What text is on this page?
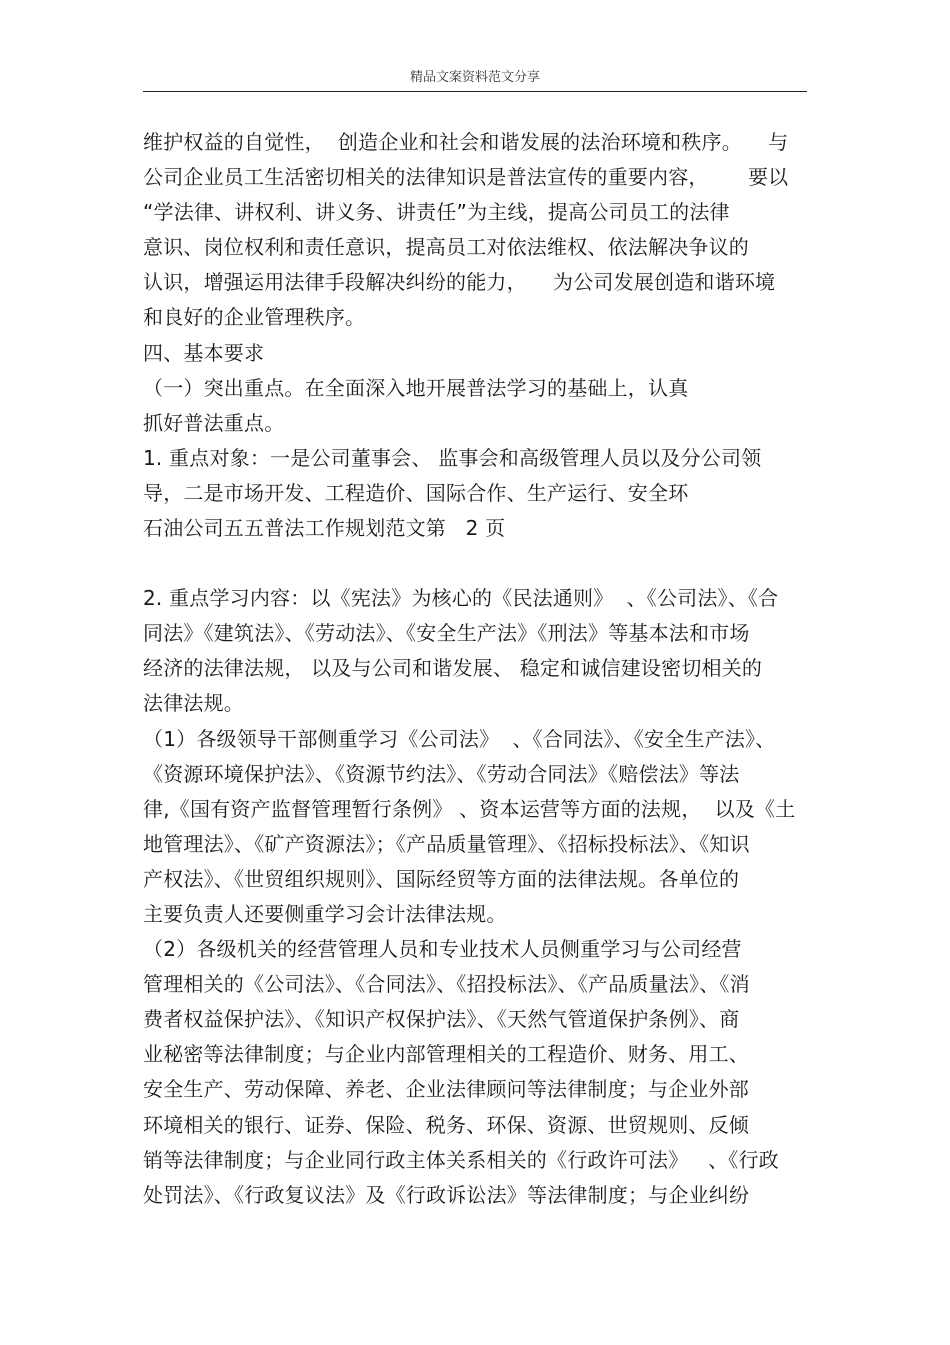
精品文案资料范文分享
维护权益的自觉性，  创造企业和社会和谐发展的法治环境和秩序。    与
公司企业员工生活密切相关的法律知识是普法宣传的重要内容，      要以
“学法律、讲权利、讲义务、讲责任”为主线，提高公司员工的法律
意识、岗位权利和责任意识，提高员工对依法维权、依法解决争议的
认识，增强运用法律手段解决纠纷的能力，    为公司发展创造和谐环境
和良好的企业管理秩序。
四、基本要求
（一）突出重点。在全面深入地开展普法学习的基础上，认真
抓好普法重点。
1. 重点对象：一是公司董事会、 监事会和高级管理人员以及分公司领
导，二是市场开发、工程造价、国际合作、生产运行、安全环
石油公司五五普法工作规划范文第   2 页
2. 重点学习内容：以《宪法》为核心的《民法通则》  、《公司法》、《合
同法》《建筑法》、《劳动法》、《安全生产法》《刑法》等基本法和市场
经济的法律法规， 以及与公司和谐发展、 稳定和诚信建设密切相关的
法律法规。
（1）各级领导干部侧重学习《公司法》  、《合同法》、《安全生产法》、
《资源环境保护法》、《资源节约法》、《劳动合同法》《赔偿法》等法
律,《国有资产监督管理暂行条例》 、资本运营等方面的法规，  以及《土
地管理法》、《矿产资源法》；《产品质量管理》、《招标投标法》、《知识
产权法》、《世贸组织规则》、国际经贸等方面的法律法规。各单位的
主要负责人还要侧重学习会计法律法规。
（2）各级机关的经营管理人员和专业技术人员侧重学习与公司经营
管理相关的《公司法》、《合同法》、《招投标法》、《产品质量法》、《消
费者权益保护法》、《知识产权保护法》、《天然气管道保护条例》、商
业秘密等法律制度；与企业内部管理相关的工程造价、财务、用工、
安全生产、劳动保障、养老、企业法律顾问等法律制度；与企业外部
环境相关的银行、证券、保险、税务、环保、资源、世贸规则、反倾
销等法律制度；与企业同行政主体关系相关的《行政许可法》   、《行政
处罚法》、《行政复议法》及《行政诉讼法》等法律制度；与企业纠纷
